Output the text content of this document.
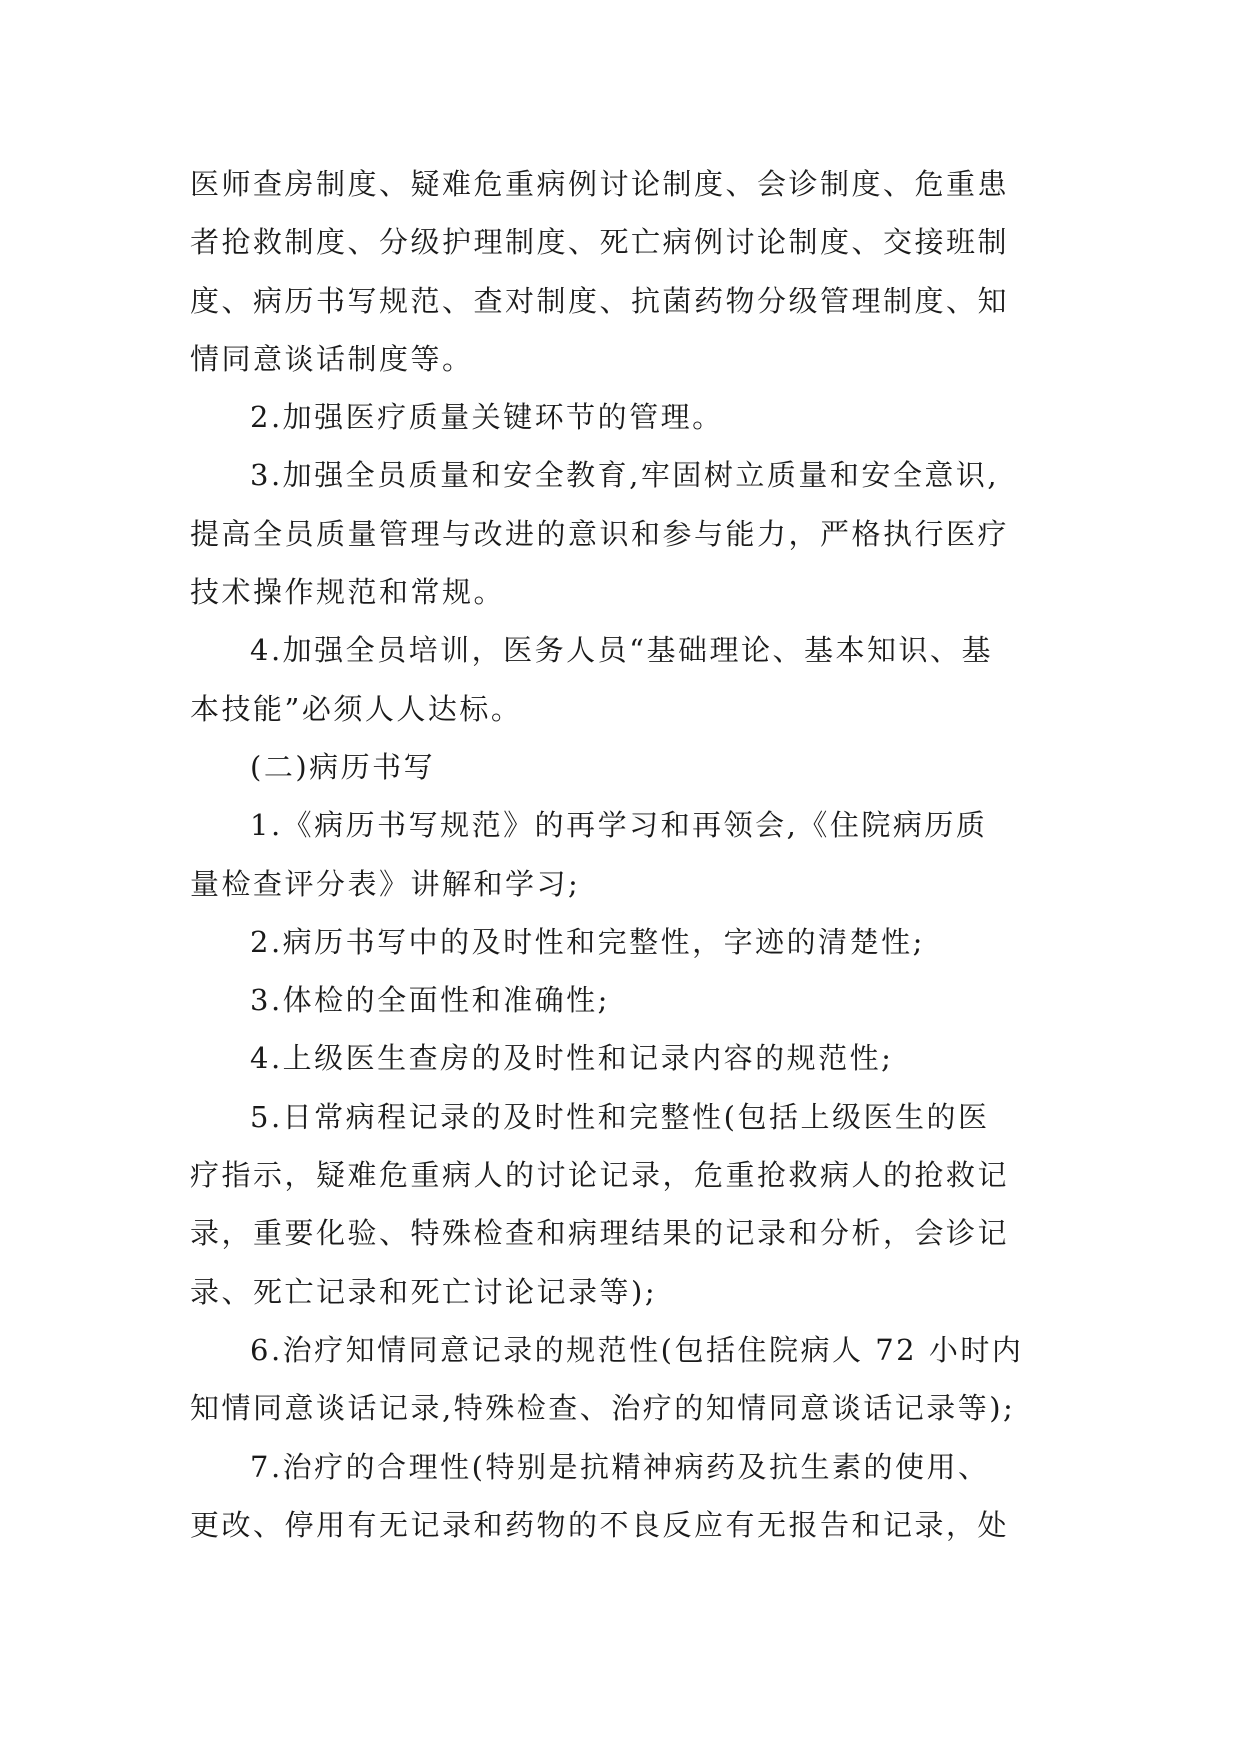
医师查房制度、疑难危重病例讨论制度、会诊制度、危重患
者抢救制度、分级护理制度、死亡病例讨论制度、交接班制
度、病历书写规范、查对制度、抗菌药物分级管理制度、知
情同意谈话制度等。
2.加强医疗质量关键环节的管理。
3.加强全员质量和安全教育,牢固树立质量和安全意识,
提高全员质量管理与改进的意识和参与能力，严格执行医疗
技术操作规范和常规。
4.加强全员培训，医务人员“基础理论、基本知识、基
本技能”必须人人达标。
(二)病历书写
1.《病历书写规范》的再学习和再领会,《住院病历质
量检查评分表》讲解和学习;
2.病历书写中的及时性和完整性，字迹的清楚性;
3.体检的全面性和准确性;
4.上级医生查房的及时性和记录内容的规范性;
5.日常病程记录的及时性和完整性(包括上级医生的医
疗指示，疑难危重病人的讨论记录，危重抢救病人的抢救记
录，重要化验、特殊检查和病理结果的记录和分析，会诊记
录、死亡记录和死亡讨论记录等);
6.治疗知情同意记录的规范性(包括住院病人 72 小时内
知情同意谈话记录,特殊检查、治疗的知情同意谈话记录等);
7.治疗的合理性(特别是抗精神病药及抗生素的使用、
更改、停用有无记录和药物的不良反应有无报告和记录，处
